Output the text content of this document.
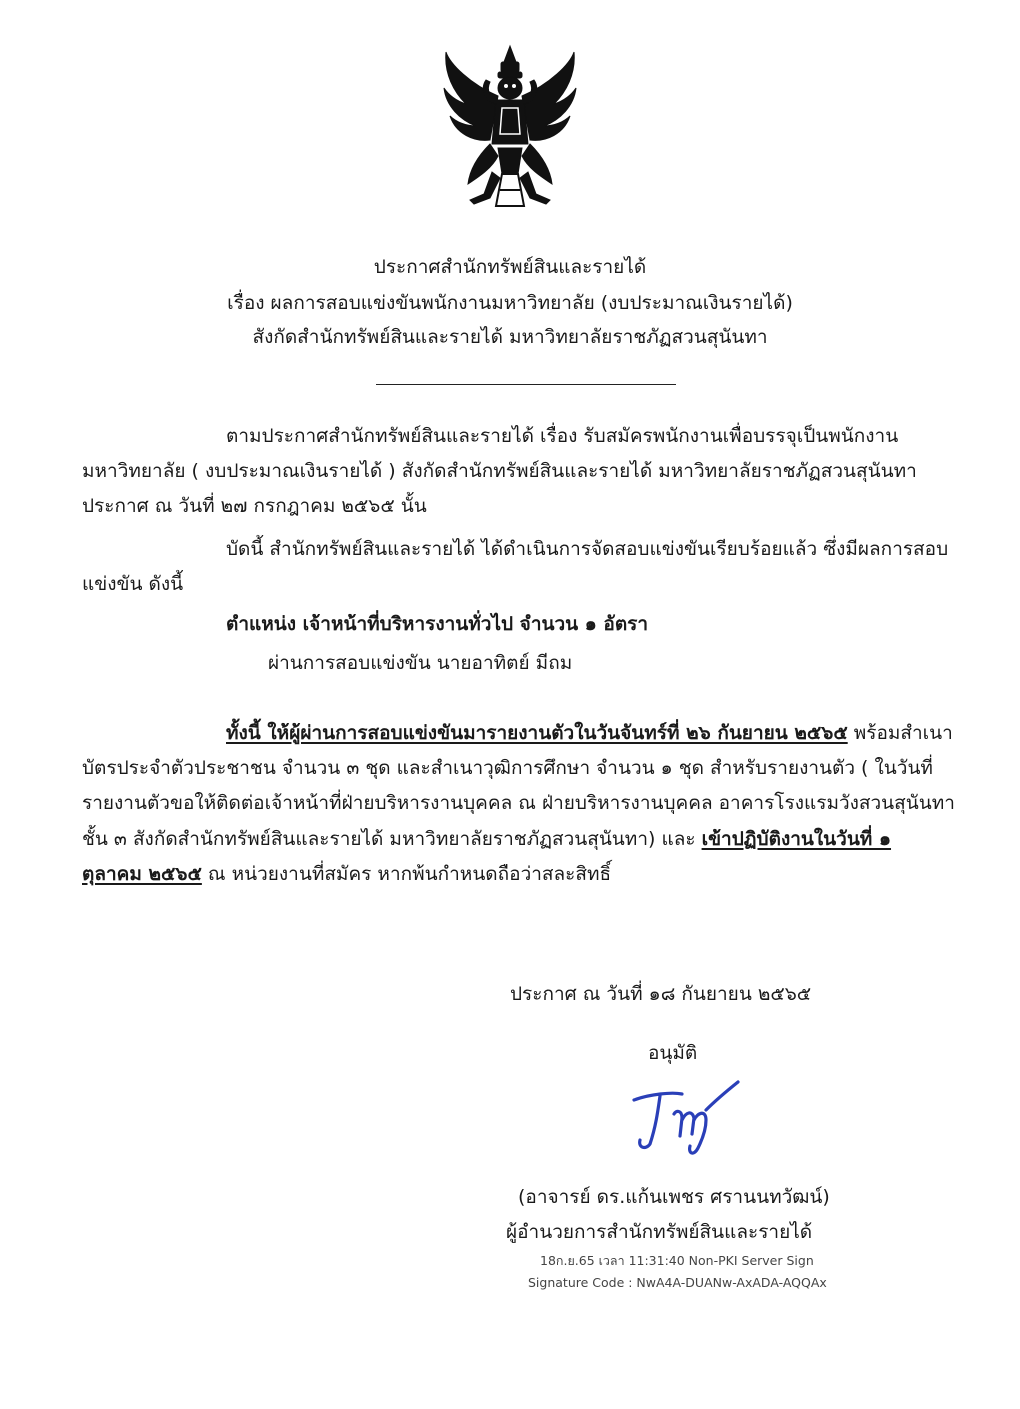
ประกาศสำนักทรัพย์สินและรายได้
เรื่อง ผลการสอบแข่งขันพนักงานมหาวิทยาลัย (งบประมาณเงินรายได้)
สังกัดสำนักทรัพย์สินและรายได้ มหาวิทยาลัยราชภัฏสวนสุนันทา
ตามประกาศสำนักทรัพย์สินและรายได้ เรื่อง รับสมัครพนักงานเพื่อบรรจุเป็นพนักงาน
มหาวิทยาลัย ( งบประมาณเงินรายได้ ) สังกัดสำนักทรัพย์สินและรายได้ มหาวิทยาลัยราชภัฏสวนสุนันทา
ประกาศ ณ วันที่ ๒๗ กรกฎาคม ๒๕๖๕ นั้น
บัดนี้ สำนักทรัพย์สินและรายได้ ได้ดำเนินการจัดสอบแข่งขันเรียบร้อยแล้ว ซึ่งมีผลการสอบ
แข่งขัน ดังนี้
ตำแหน่ง เจ้าหน้าที่บริหารงานทั่วไป จำนวน ๑ อัตรา
ผ่านการสอบแข่งขัน นายอาทิตย์ มีถม
ทั้งนี้ ให้ผู้ผ่านการสอบแข่งขันมารายงานตัวในวันจันทร์ที่ ๒๖ กันยายน ๒๕๖๕ พร้อมสำเนา
บัตรประจำตัวประชาชน จำนวน ๓ ชุด และสำเนาวุฒิการศึกษา จำนวน ๑ ชุด สำหรับรายงานตัว ( ในวันที่
รายงานตัวขอให้ติดต่อเจ้าหน้าที่ฝ่ายบริหารงานบุคคล ณ ฝ่ายบริหารงานบุคคล อาคารโรงแรมวังสวนสุนันทา
ชั้น ๓ สังกัดสำนักทรัพย์สินและรายได้ มหาวิทยาลัยราชภัฏสวนสุนันทา) และ เข้าปฏิบัติงานในวันที่ ๑
ตุลาคม ๒๕๖๕ ณ หน่วยงานที่สมัคร หากพ้นกำหนดถือว่าสละสิทธิ์
ประกาศ ณ วันที่ ๑๘ กันยายน ๒๕๖๕
อนุมัติ
(อาจารย์ ดร.แก้นเพชร ศรานนทวัฒน์)
ผู้อำนวยการสำนักทรัพย์สินและรายได้
18ก.ย.65 เวลา 11:31:40 Non-PKI Server Sign
Signature Code : NwA4A-DUANw-AxADA-AQQAx
